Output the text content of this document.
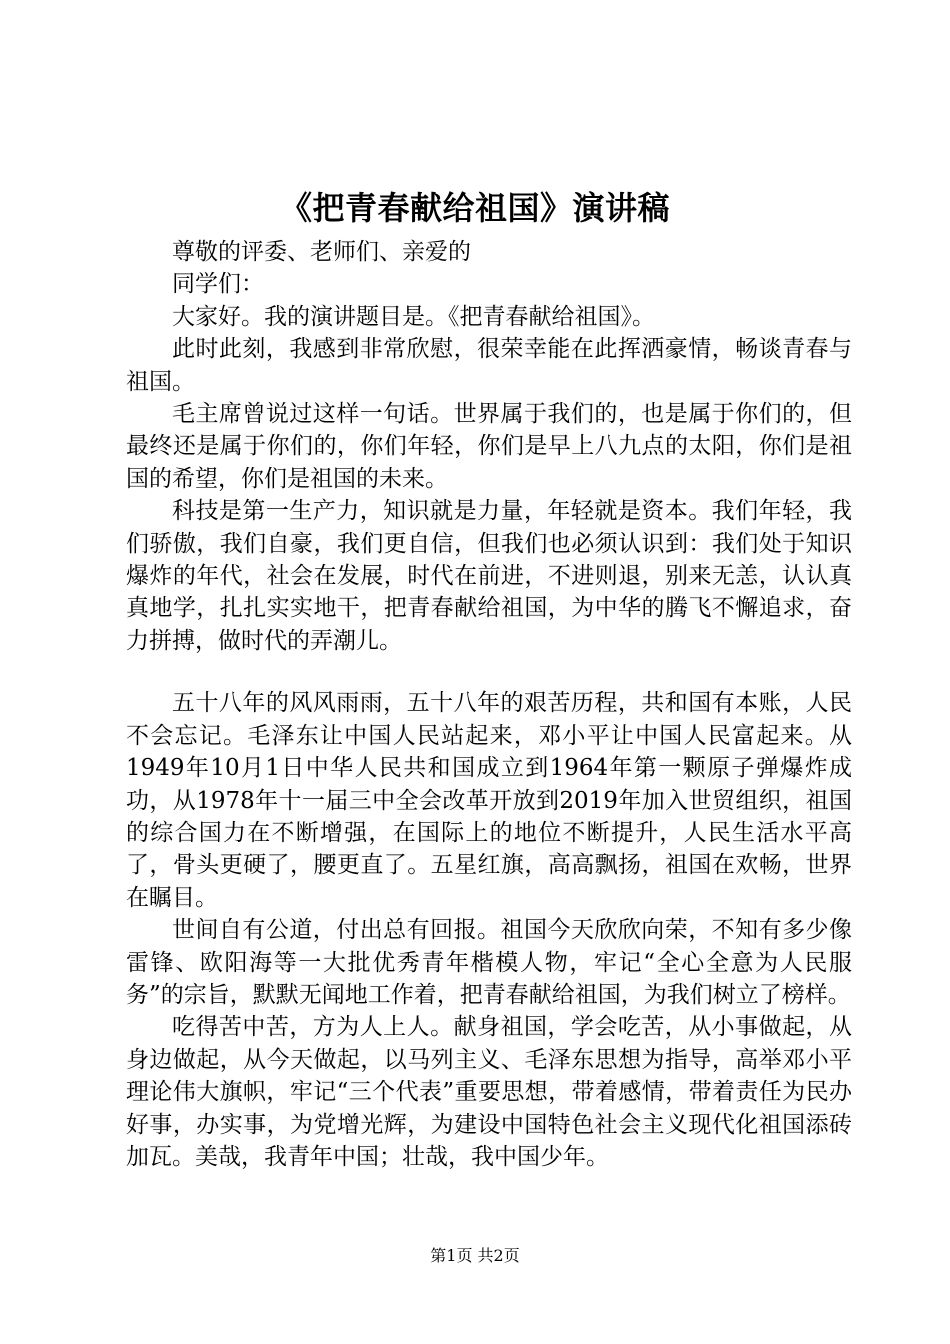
《把青春献给祖国》演讲稿

尊敬的评委、老师们、亲爱的

同学们：

大家好。我的演讲题目是。《把青春献给祖国》。

此时此刻，我感到非常欣慰，很荣幸能在此挥洒豪情，畅谈青春与祖国。

毛主席曾说过这样一句话。世界属于我们的，也是属于你们的，但最终还是属于你们的，你们年轻，你们是早上八九点的太阳，你们是祖国的希望，你们是祖国的未来。

科技是第一生产力，知识就是力量，年轻就是资本。我们年轻，我们骄傲，我们自豪，我们更自信，但我们也必须认识到：我们处于知识爆炸的年代，社会在发展，时代在前进，不进则退，别来无恙，认认真真地学，扎扎实实地干，把青春献给祖国，为中华的腾飞不懈追求，奋力拼搏，做时代的弄潮儿。

五十八年的风风雨雨，五十八年的艰苦历程，共和国有本账，人民不会忘记。毛泽东让中国人民站起来，邓小平让中国人民富起来。从1949年10月1日中华人民共和国成立到1964年第一颗原子弹爆炸成功，从1978年十一届三中全会改革开放到2019年加入世贸组织，祖国的综合国力在不断增强，在国际上的地位不断提升，人民生活水平高了，骨头更硬了，腰更直了。五星红旗，高高飘扬，祖国在欢畅，世界在瞩目。

世间自有公道，付出总有回报。祖国今天欣欣向荣，不知有多少像雷锋、欧阳海等一大批优秀青年楷模人物，牢记“全心全意为人民服务”的宗旨，默默无闻地工作着，把青春献给祖国，为我们树立了榜样。

吃得苦中苦，方为人上人。献身祖国，学会吃苦，从小事做起，从身边做起，从今天做起，以马列主义、毛泽东思想为指导，高举邓小平理论伟大旗帜，牢记“三个代表”重要思想，带着感情，带着责任为民办好事，办实事，为党增光辉，为建设中国特色社会主义现代化祖国添砖加瓦。美哉，我青年中国；壮哉，我中国少年。

第1页 共2页
